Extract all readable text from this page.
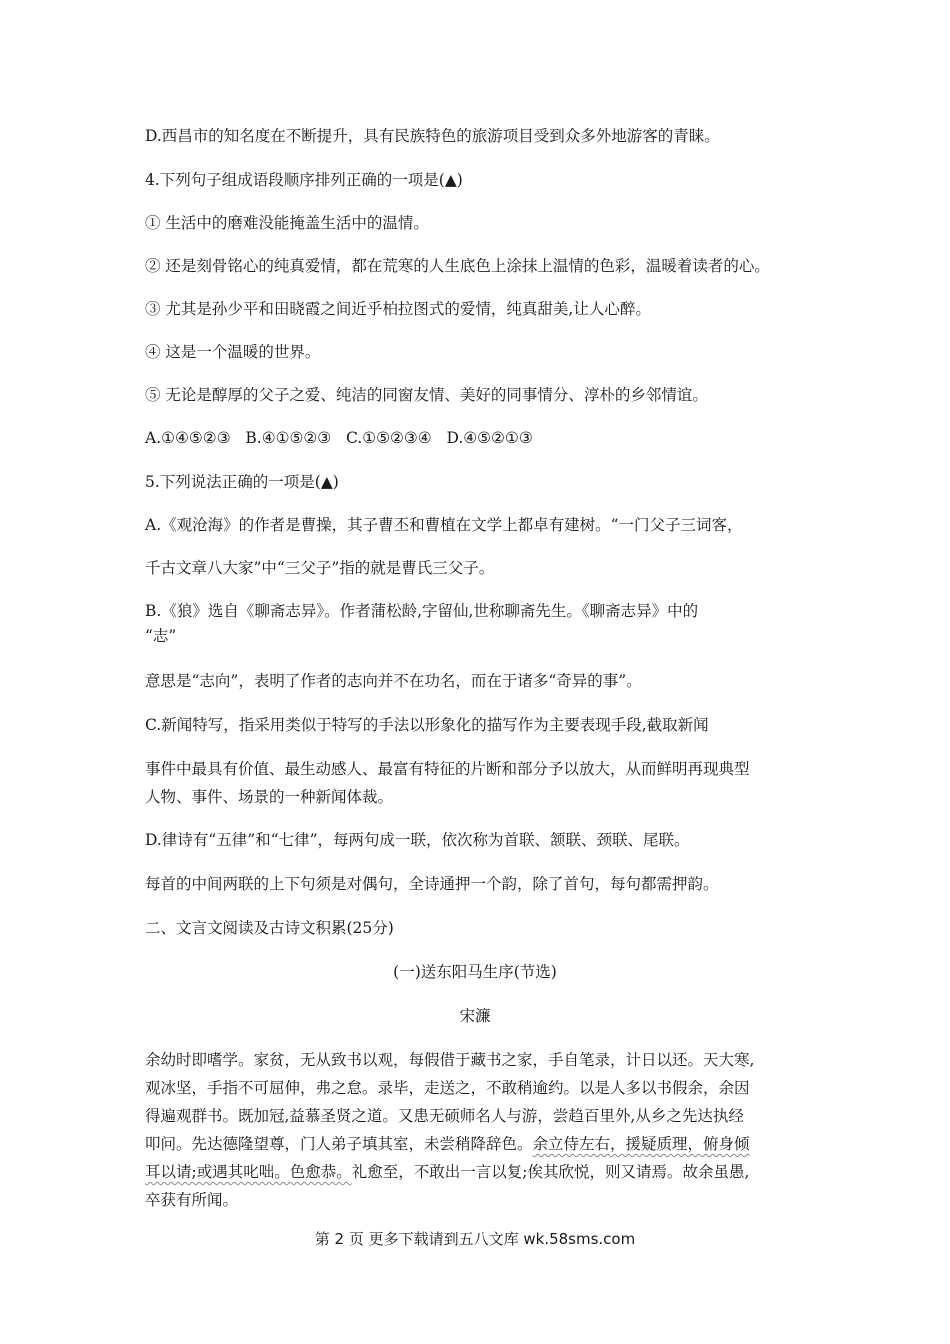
D.西昌市的知名度在不断提升，具有民族特色的旅游项目受到众多外地游客的青睐。
4.下列句子组成语段顺序排列正确的一项是(▲)
① 生活中的磨难没能掩盖生活中的温情。
② 还是刻骨铭心的纯真爱情，都在荒寒的人生底色上涂抹上温情的色彩，温暖着读者的心。
③ 尤其是孙少平和田晓霞之间近乎柏拉图式的爱情，纯真甜美,让人心醉。
④ 这是一个温暖的世界。
⑤ 无论是醇厚的父子之爱、纯洁的同窗友情、美好的同事情分、淳朴的乡邻情谊。
A.①④⑤②③   B.④①⑤②③   C.①⑤②③④   D.④⑤②①③
5.下列说法正确的一项是(▲)
A.《观沧海》的作者是曹操，其子曹丕和曹植在文学上都卓有建树。“一门父子三词客，
千古文章八大家”中“三父子”指的就是曹氏三父子。
B.《狼》选自《聊斋志异》。作者蒲松龄,字留仙,世称聊斋先生。《聊斋志异》中的
“志”
意思是“志向”，表明了作者的志向并不在功名，而在于诸多“奇异的事”。
C.新闻特写，指采用类似于特写的手法以形象化的描写作为主要表现手段,截取新闻
事件中最具有价值、最生动感人、最富有特征的片断和部分予以放大，从而鲜明再现典型
人物、事件、场景的一种新闻体裁。
D.律诗有“五律”和“七律”，每两句成一联，依次称为首联、颔联、颈联、尾联。
每首的中间两联的上下句须是对偶句，全诗通押一个韵，除了首句，每句都需押韵。
二、文言文阅读及古诗文积累(25分)
(一)送东阳马生序(节选)
宋濂
余幼时即嗜学。家贫，无从致书以观，每假借于藏书之家，手自笔录，计日以还。天大寒,
观冰坚，手指不可屈伸，弗之怠。录毕，走送之，不敢稍逾约。以是人多以书假余，余因
得遍观群书。既加冠,益慕圣贤之道。又患无硕师名人与游，尝趋百里外,从乡之先达执经
叩问。先达德隆望尊，门人弟子填其室，未尝稍降辞色。余立侍左右，援疑质理，俯身倾
耳以请;或遇其叱咄。色愈恭。礼愈至，不敢出一言以复;俟其欣悦，则又请焉。故余虽愚,
卒获有所闻。
第 2 页 更多下载请到五八文库 wk.58sms.com
